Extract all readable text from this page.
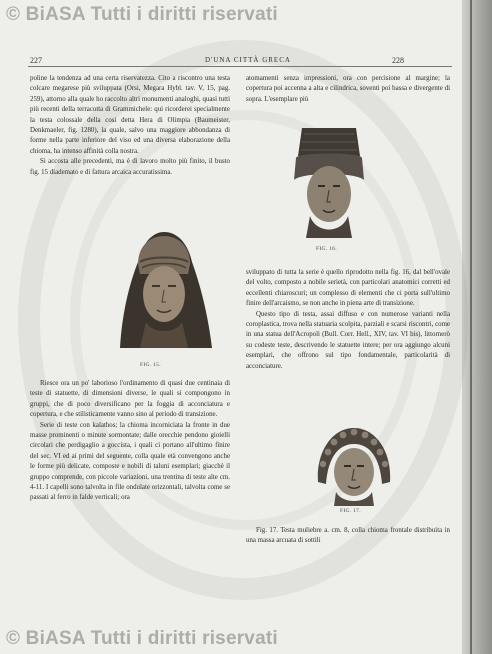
© BiASA Tutti i diritti riservati
© BiASA Tutti i diritti riservati
227	D'UNA CITTÀ GRECA	228

poline la tendenza ad una certa riservatezza. Cito a riscontro una testa colcare megarese più sviluppata (Orsi, Megara Hybl. tav. V, 15, pag. 259), attorno alla quale ho raccolto altri monumenti analoghi, quasi tutti più recenti della terracotta di Grammichele: qui ricorderei specialmente la testa colossale della cosi detta Hera di Olimpia (Baumeister, Denkmaeler, fig. 1280), la quale, salvo una maggiore abbondanza di forme nella parte inferiore del viso ed una diversa elaborazione della chioma, ha intenso affinità colla nostra.

Si accosta alle precedenti, ma è di lavoro molto più finito, il busto fig. 15 diademato e di fattura arcaica accuratissima.

FIG. 15.

Riesce ora un po' laborioso l'ordinamento di quasi due centinaia di teste di statuette, di dimensioni diverse, le quali si compongono in gruppi, che di poco diversificano per la foggia di acconciatura e copertura, e che stilisticamente vanno sino al periodo di transizione.

Serie di teste con kalathos; la chioma incorniciata la fronte in due masse prominenti o minute sormontate; dalle orecchie pendono gioielli circolari che perdigaglio a goccista, i quali ci portano all'ultimo finire del sec. VI ed ai primi del seguente, colla quale età convengono anche le forme più delicate, composte e nobili di taluni esemplari; giacchè il gruppo comprende, con piccole variazioni, una trentina di teste alte cm. 4-11. I capelli sono talvolta in file ondulate orizzontali, talvolta come se passati al ferro in falde verticali; ora

atomamenti senza impressioni, ora con percisione al margine; la copertura poi accenna a alta e cilindrica, soventi poi bassa e divergente di sopra. L'esemplare più

FIG. 16.

sviluppato di tutta la serie è quello riprodotto nella fig. 16, dal bell'ovale del volto, composto a nobile serietà, con particolari anatomici corretti ed eccellenti chiaroscuri; un complesso di elementi che ci porta sull'ultimo finire dell'arcaismo, se non anche in piena arte di transizione.

Questo tipo di testa, assai diffuso e con numerose varianti nella coroplastica, trova nella statuaria scolpita, parziali e scarsi riscontri, come in una statua dell'Acropoli (Bull. Corr. Hell., XIV, tav. VI bis), littornerò su codeste teste, descrivendo le statuette intere; per ora aggiungo alcuni esemplari, che offrono sul tipo fondamentale, particolarità di acconciature.

FIG. 17.

Fig. 17. Testa muliebre a. cm. 8, colla chioma frontale distribuita in una massa arcuata di sottili
